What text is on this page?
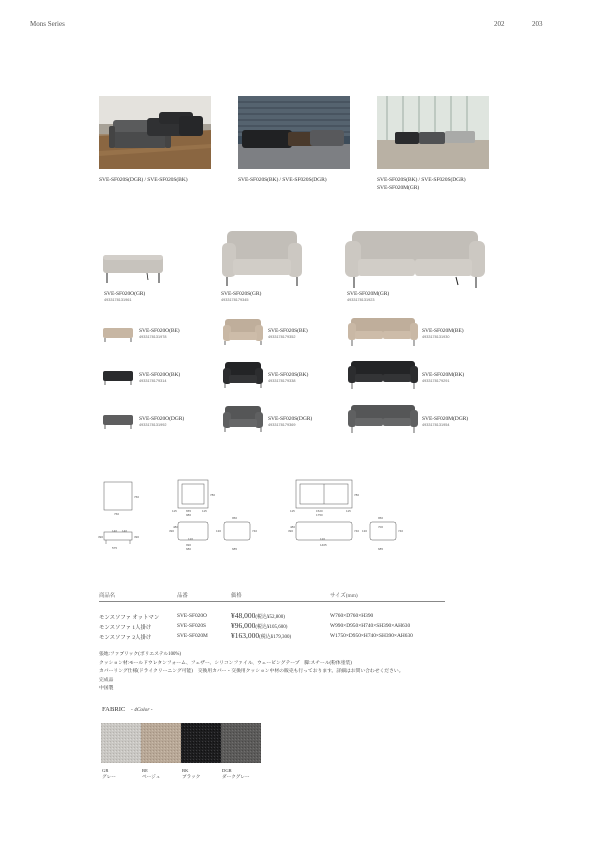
Mons Series	202	203
SVE-SF020S(DGR) / SVE-SF020S(BK)	SVE-SF020S(BK) / SVE-SF020S(DGR)	SVE-SF020S(BK) / SVE-SF020S(DGR)
SVE-SF020M(GR)
SVE-SF020O(GR)
4933178131961
SVE-SF020S(GR)
4933178179345
SVE-SF020M(GR)
4933178131923
SVE-SF020O(BE)
4933178131978
SVE-SF020S(BE)
4933178179352
SVE-SF020M(BE)
4933178131930
SVE-SF020O(BK)
4933178179314
SVE-SF020S(BK)
4933178179338
SVE-SF020M(BK)
4933178179291
SVE-SF020O(DGR)
4933178131992
SVE-SF020S(DGR)
4933178179369
SVE-SF020M(DGR)
4933178131954
760
760
575
390	390
140 140
115	655	115
986
780
990
680
390
480
120
950
685
740
130
115	1520	115
1750
780
1405
390
480
120
740
950
685
740
130
700
商品名	品番	価格	サイズ(mm)
モンスソファ オットマン	SVE-SF020O	¥48,000(税込¥52,800)	W760×D760×H390
モンスソファ 1人掛け	SVE-SF020S	¥96,000(税込¥105,600)	W990×D950×H740×SH390×AH630
モンスソファ 2人掛け	SVE-SF020M	¥163,000(税込¥179,300)	W1750×D950×H740×SH390×AH630
張地:ファブリック(ポリエステル100%)
クッション材:モールドウレタンフォーム、フェザー、シリコンファイル、ウェービングテープ　脚:スチール(粉体塗装)
カバーリング仕様(ドライクリーニング可能)　交換用カバー・交換用クッション中材の販売も行っております。詳細はお問い合わせください。
完成品
中国製
FABRIC - 4Color -
GR
グレー
BE
ベージュ
BK
ブラック
DGR
ダークグレー
